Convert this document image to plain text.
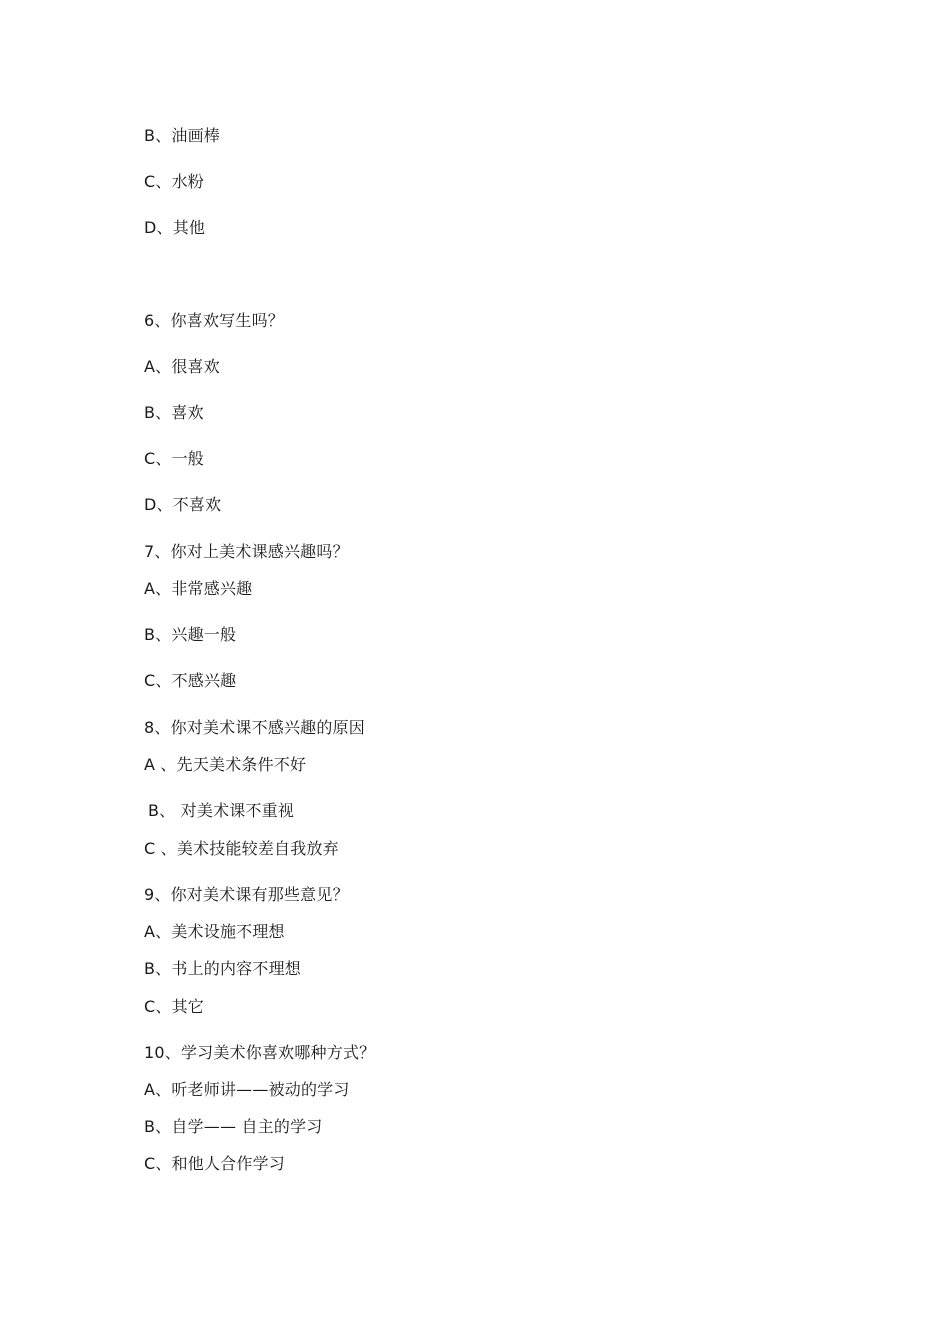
B、油画棒
C、水粉
D、其他
6、你喜欢写生吗？
A、很喜欢
B、喜欢
C、一般
D、不喜欢
7、你对上美术课感兴趣吗？
A、非常感兴趣
B、兴趣一般
C、不感兴趣
8、你对美术课不感兴趣的原因
A 、先天美术条件不好
B、 对美术课不重视
C 、美术技能较差自我放弃
9、你对美术课有那些意见？
A、美术设施不理想
B、书上的内容不理想
C、其它
10、学习美术你喜欢哪种方式？
A、听老师讲——被动的学习
B、自学—— 自主的学习
C、和他人合作学习
